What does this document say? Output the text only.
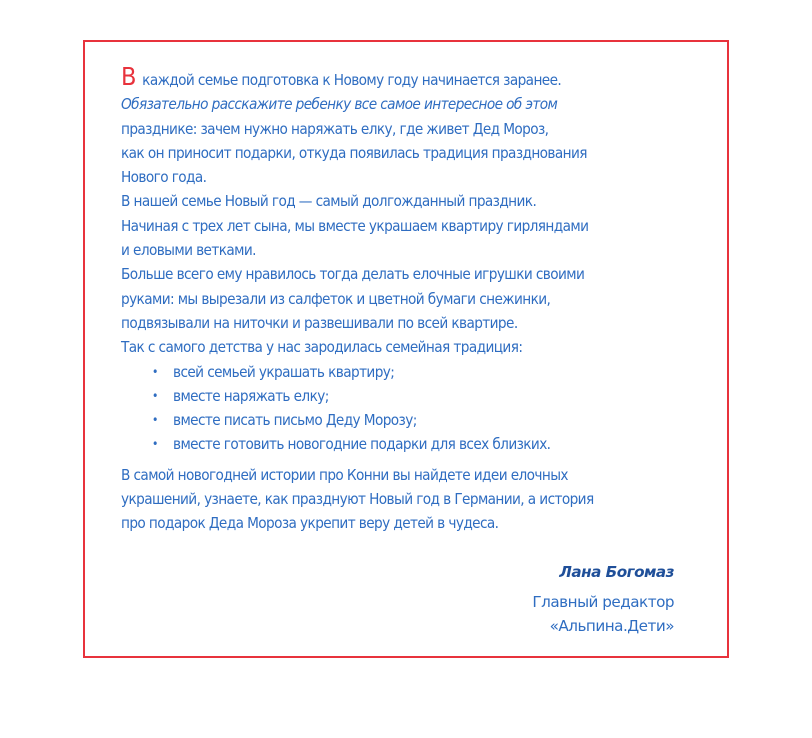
В каждой семье подготовка к Новому году начинается заранее.

Обязательно расскажите ребенку все самое интересное об этом

празднике: зачем нужно наряжать елку, где живет Дед Мороз,

как он приносит подарки, откуда появилась традиция празднования

Нового года.

В нашей семье Новый год — самый долгожданный праздник.

Начиная с трех лет сына, мы вместе украшаем квартиру гирляндами

и еловыми ветками.

Больше всего ему нравилось тогда делать елочные игрушки своими

руками: мы вырезали из салфеток и цветной бумаги снежинки,

подвязывали на ниточки и развешивали по всей квартире.

Так с самого детства у нас зародилась семейная традиция:

• всей семьей украшать квартиру;
• вместе наряжать елку;
• вместе писать письмо Деду Морозу;
• вместе готовить новогодние подарки для всех близких.

В самой новогодней истории про Конни вы найдете идеи елочных

украшений, узнаете, как празднуют Новый год в Германии, а история

про подарок Деда Мороза укрепит веру детей в чудеса.

Лана Богомаз
Главный редактор
«Альпина.Дети»
